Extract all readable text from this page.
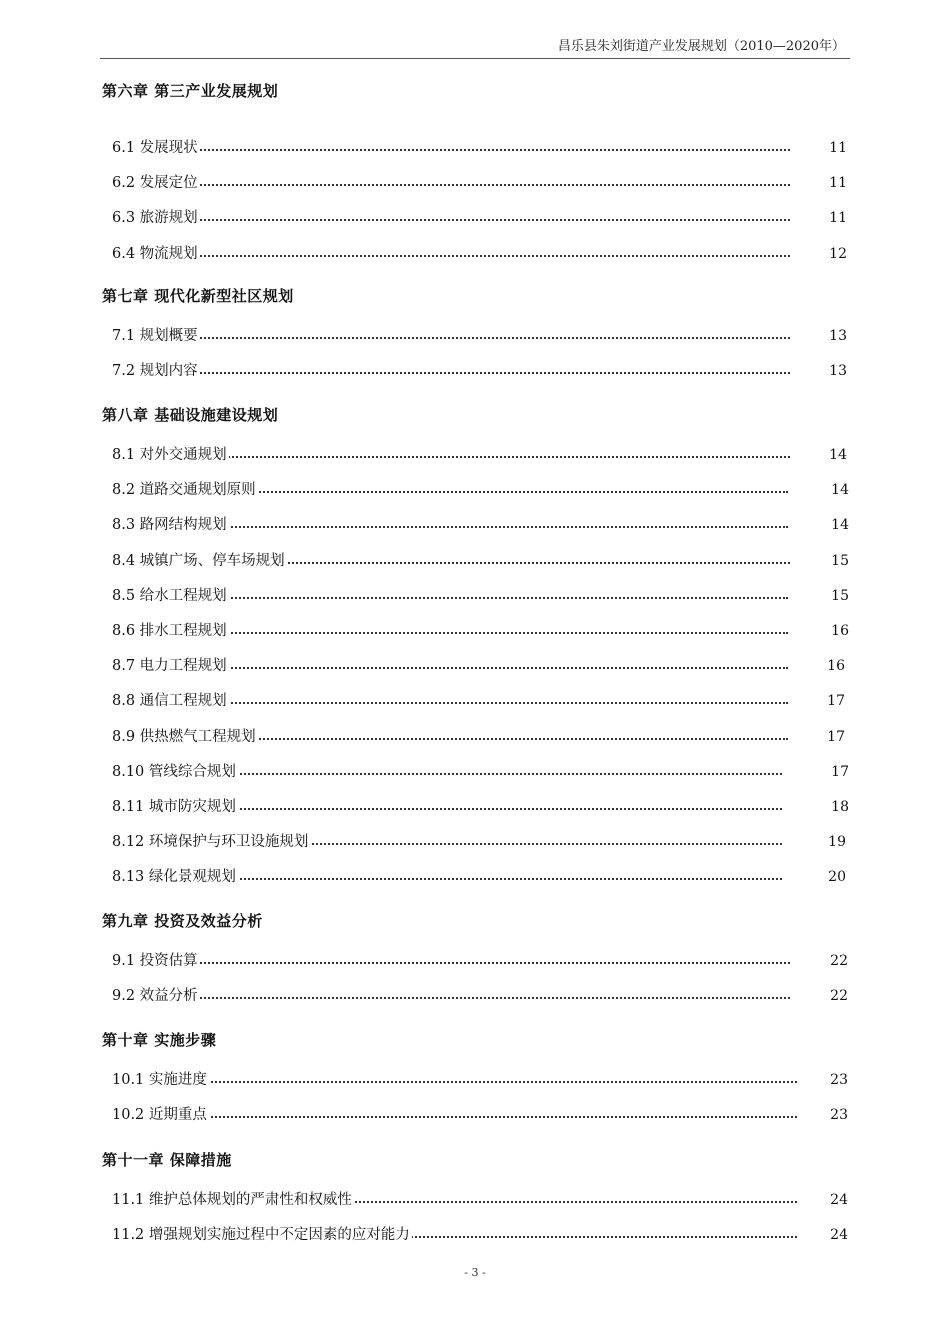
昌乐县朱刘街道产业发展规划（2010—2020年）
第六章 第三产业发展规划
6.1 发展现状	11
6.2 发展定位	11
6.3 旅游规划	11
6.4 物流规划	12
第七章 现代化新型社区规划
7.1 规划概要	13
7.2 规划内容	13
第八章 基础设施建设规划
8.1 对外交通规划	14
8.2 道路交通规划原则	14
8.3 路网结构规划	14
8.4 城镇广场、停车场规划	15
8.5 给水工程规划	15
8.6 排水工程规划	16
8.7 电力工程规划	16
8.8 通信工程规划	17
8.9 供热燃气工程规划	17
8.10 管线综合规划	17
8.11 城市防灾规划	18
8.12 环境保护与环卫设施规划	19
8.13 绿化景观规划	20
第九章 投资及效益分析
9.1 投资估算	22
9.2 效益分析	22
第十章 实施步骤
10.1 实施进度	23
10.2 近期重点	23
第十一章 保障措施
11.1 维护总体规划的严肃性和权威性	24
11.2 增强规划实施过程中不定因素的应对能力	24
- 3 -
